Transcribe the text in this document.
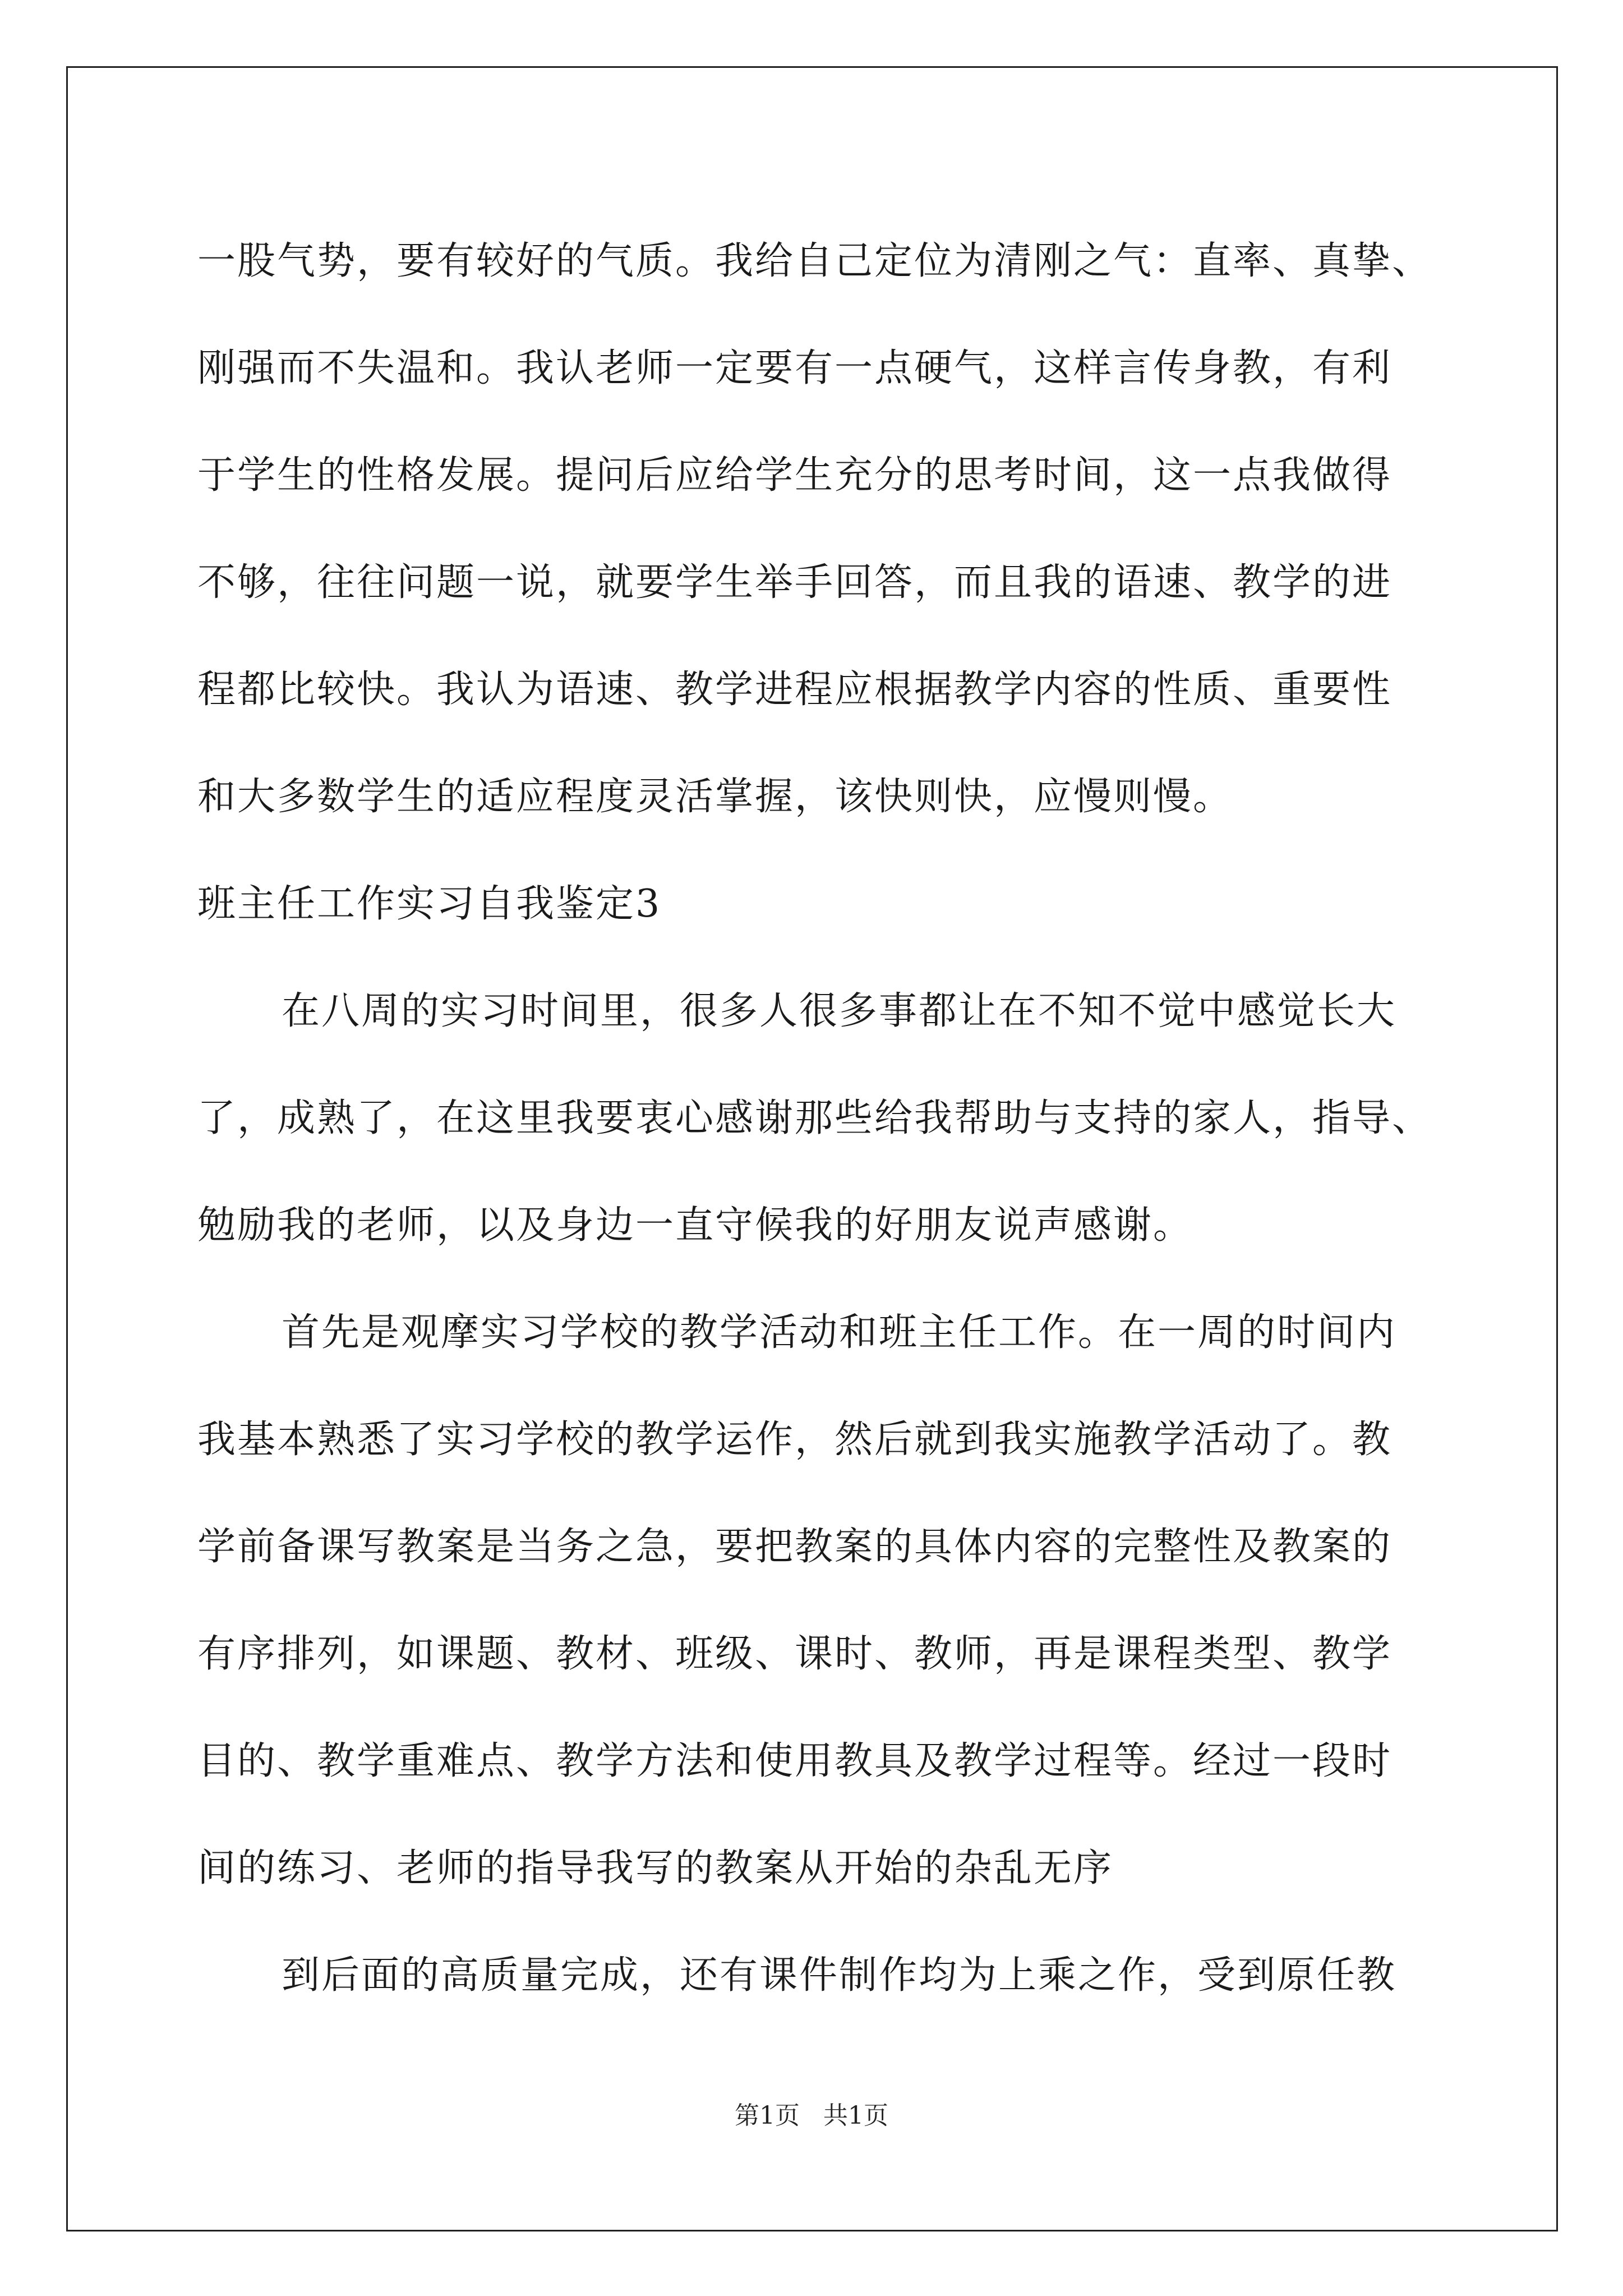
一股气势，要有较好的气质。我给自己定位为清刚之气：直率、真挚、
刚强而不失温和。我认老师一定要有一点硬气，这样言传身教，有利
于学生的性格发展。提问后应给学生充分的思考时间，这一点我做得
不够，往往问题一说，就要学生举手回答，而且我的语速、教学的进
程都比较快。我认为语速、教学进程应根据教学内容的性质、重要性
和大多数学生的适应程度灵活掌握，该快则快，应慢则慢。
班主任工作实习自我鉴定3
在八周的实习时间里，很多人很多事都让在不知不觉中感觉长大
了，成熟了，在这里我要衷心感谢那些给我帮助与支持的家人，指导、
勉励我的老师，以及身边一直守候我的好朋友说声感谢。
首先是观摩实习学校的教学活动和班主任工作。在一周的时间内
我基本熟悉了实习学校的教学运作，然后就到我实施教学活动了。教
学前备课写教案是当务之急，要把教案的具体内容的完整性及教案的
有序排列，如课题、教材、班级、课时、教师，再是课程类型、教学
目的、教学重难点、教学方法和使用教具及教学过程等。经过一段时
间的练习、老师的指导我写的教案从开始的杂乱无序
到后面的高质量完成，还有课件制作均为上乘之作，受到原任教
第1页 共1页
